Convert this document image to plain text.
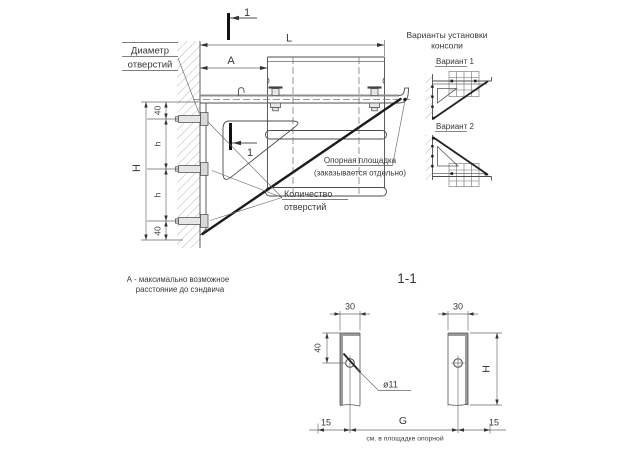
1
1
L
A
Диаметр
отверстий
40
h
h
40
H
Опорная площадка
(заказывается отдельно)
Количество
отверстий
А - максимально возможное
расстояние до сэндвича
Варианты установки
консоли
Вариант 1
Вариант 2
1-1
ø11
30	30
40
H
15	G	15
см. в площадке опорной
